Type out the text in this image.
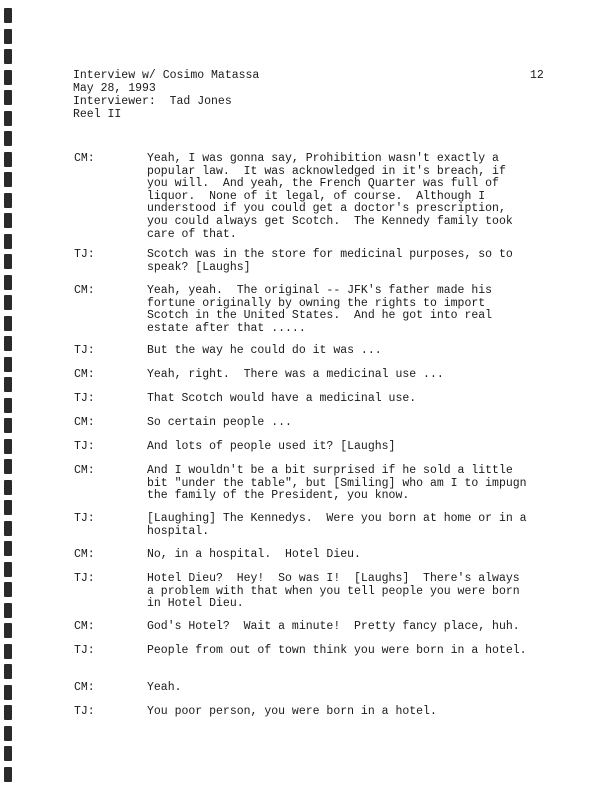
Interview w/ Cosimo Matassa
May 28, 1993
Interviewer:  Tad Jones
Reel II
12
CM:	Yeah, I was gonna say, Prohibition wasn't exactly a
popular law.  It was acknowledged in it's breach, if
you will.  And yeah, the French Quarter was full of
liquor.  None of it legal, of course.  Although I
understood if you could get a doctor's prescription,
you could always get Scotch.  The Kennedy family took
care of that.
TJ:	Scotch was in the store for medicinal purposes, so to
speak? [Laughs]
CM:	Yeah, yeah.  The original -- JFK's father made his
fortune originally by owning the rights to import
Scotch in the United States.  And he got into real
estate after that .....
TJ:	But the way he could do it was ...
CM:	Yeah, right.  There was a medicinal use ...
TJ:	That Scotch would have a medicinal use.
CM:	So certain people ...
TJ:	And lots of people used it? [Laughs]
CM:	And I wouldn't be a bit surprised if he sold a little
bit "under the table", but [Smiling] who am I to impugn
the family of the President, you know.
TJ:	[Laughing] The Kennedys.  Were you born at home or in a
hospital.
CM:	No, in a hospital.  Hotel Dieu.
TJ:	Hotel Dieu?  Hey!  So was I!  [Laughs]  There's always
a problem with that when you tell people you were born
in Hotel Dieu.
CM:	God's Hotel?  Wait a minute!  Pretty fancy place, huh.
TJ:	People from out of town think you were born in a hotel.
CM:	Yeah.
TJ:	You poor person, you were born in a hotel.
